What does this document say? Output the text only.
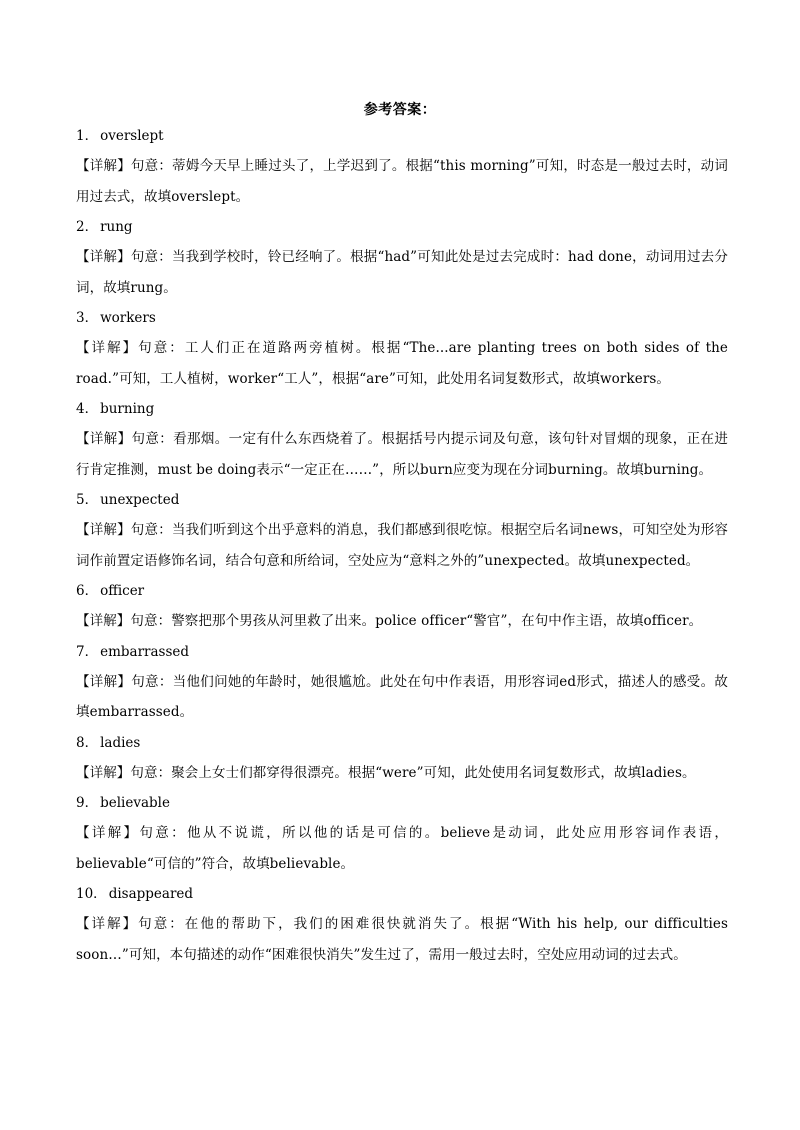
参考答案：
1． overslept
【详解】句意：蒂姆今天早上睡过头了，上学迟到了。根据“this morning”可知，时态是一般过去时，动词用过去式，故填overslept。
2． rung
【详解】句意：当我到学校时，铃已经响了。根据“had”可知此处是过去完成时：had done，动词用过去分词，故填rung。
3． workers
【详解】句意：工人们正在道路两旁植树。根据“The...are planting trees on both sides of the road.”可知，工人植树，worker“工人”，根据“are”可知，此处用名词复数形式，故填workers。
4． burning
【详解】句意：看那烟。一定有什么东西烧着了。根据括号内提示词及句意，该句针对冒烟的现象，正在进行肯定推测，must be doing表示“一定正在……”，所以burn应变为现在分词burning。故填burning。
5． unexpected
【详解】句意：当我们听到这个出乎意料的消息，我们都感到很吃惊。根据空后名词news，可知空处为形容词作前置定语修饰名词，结合句意和所给词，空处应为“意料之外的”unexpected。故填unexpected。
6． officer
【详解】句意：警察把那个男孩从河里救了出来。police officer“警官”，在句中作主语，故填officer。
7． embarrassed
【详解】句意：当他们问她的年龄时，她很尴尬。此处在句中作表语，用形容词ed形式，描述人的感受。故填embarrassed。
8． ladies
【详解】句意：聚会上女士们都穿得很漂亮。根据“were”可知，此处使用名词复数形式，故填ladies。
9． believable
【详解】句意：他从不说谎，所以他的话是可信的。believe是动词，此处应用形容词作表语，believable“可信的”符合，故填believable。
10． disappeared
【详解】句意：在他的帮助下，我们的困难很快就消失了。根据“With his help, our difficulties soon…”可知，本句描述的动作“困难很快消失”发生过了，需用一般过去时，空处应用动词的过去式。
